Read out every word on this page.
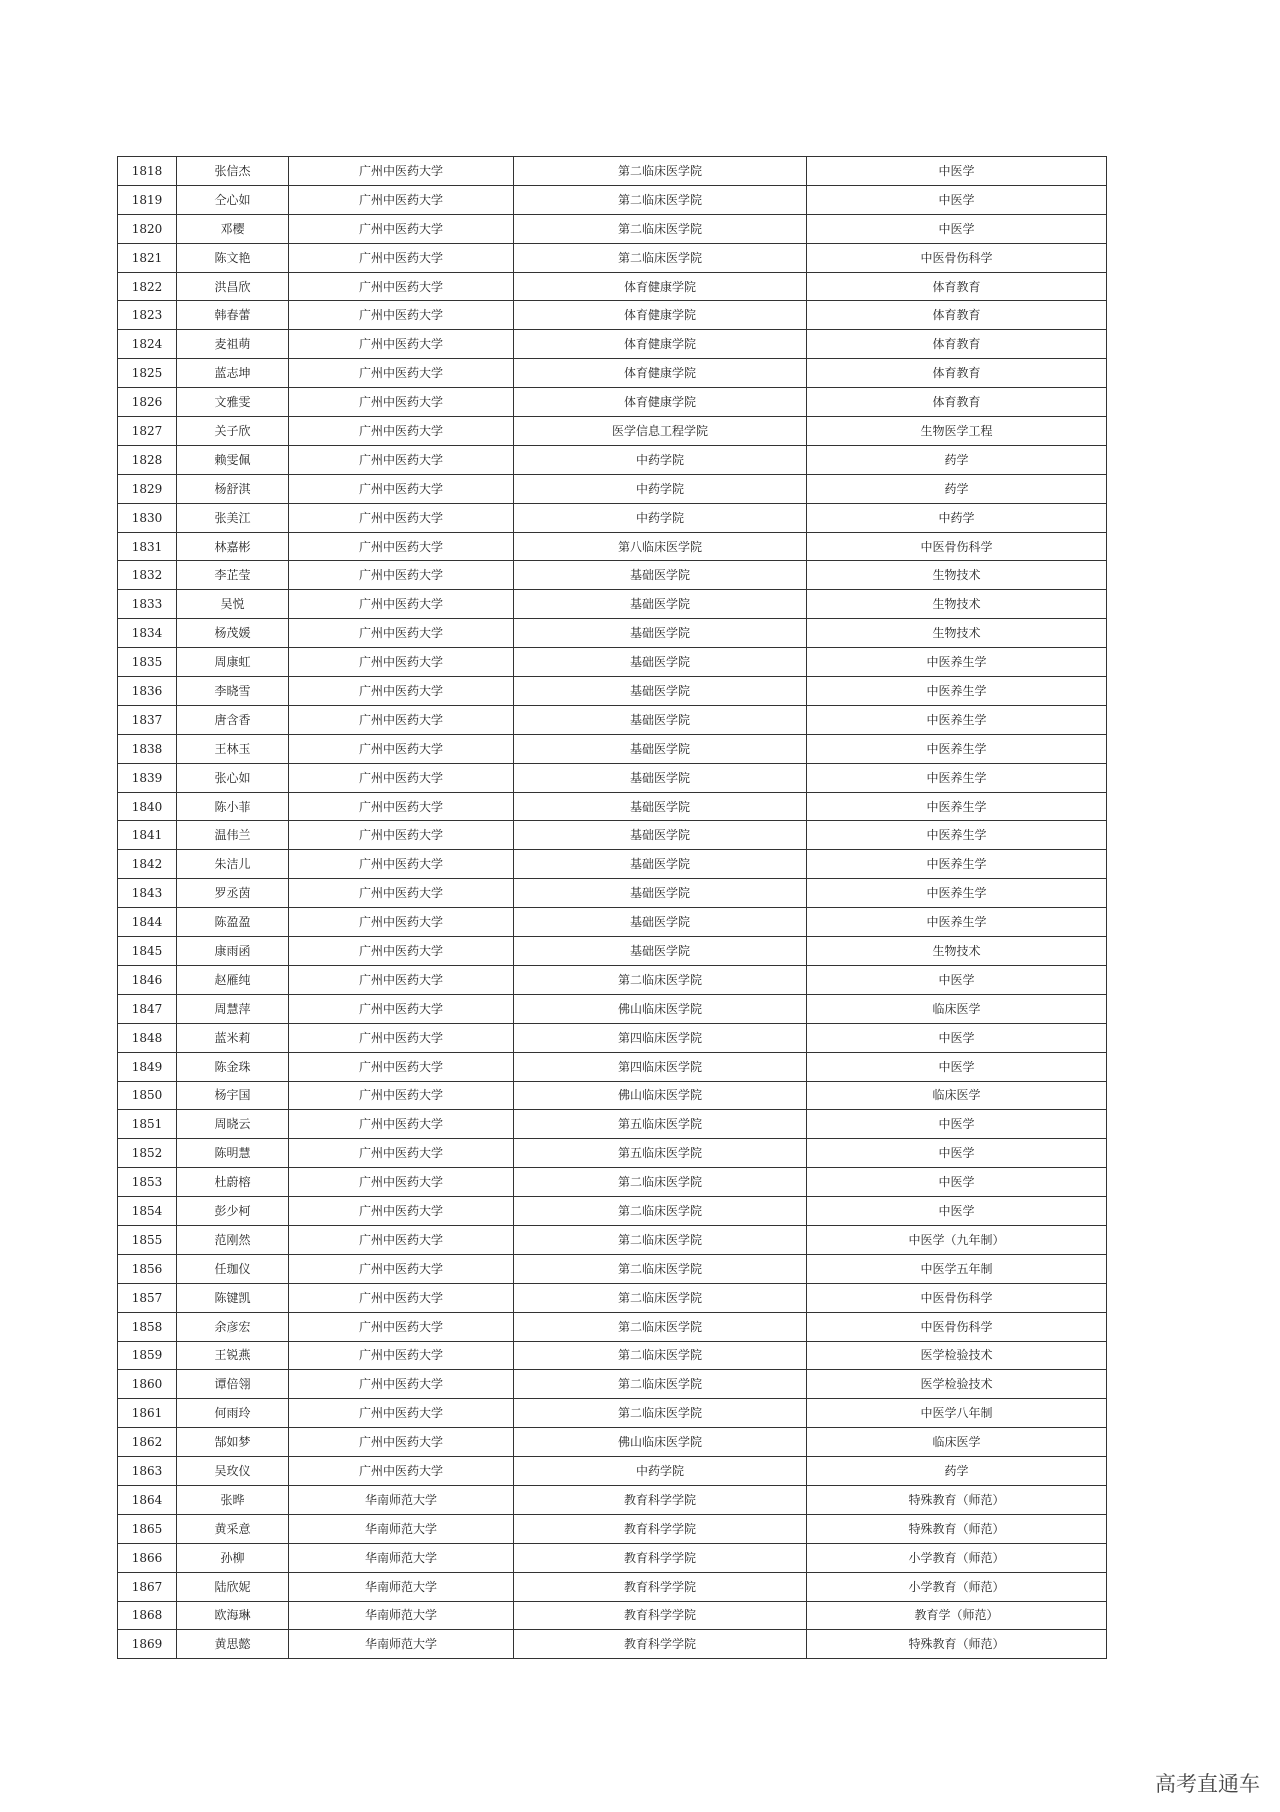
1818	张信杰	广州中医药大学	第二临床医学院	中医学
1819	仝心如	广州中医药大学	第二临床医学院	中医学
1820	邓樱	广州中医药大学	第二临床医学院	中医学
1821	陈文艳	广州中医药大学	第二临床医学院	中医骨伤科学
1822	洪昌欣	广州中医药大学	体育健康学院	体育教育
1823	韩春蕾	广州中医药大学	体育健康学院	体育教育
1824	麦祖萌	广州中医药大学	体育健康学院	体育教育
1825	蓝志坤	广州中医药大学	体育健康学院	体育教育
1826	文雅雯	广州中医药大学	体育健康学院	体育教育
1827	关子欣	广州中医药大学	医学信息工程学院	生物医学工程
1828	赖雯佩	广州中医药大学	中药学院	药学
1829	杨舒淇	广州中医药大学	中药学院	药学
1830	张美江	广州中医药大学	中药学院	中药学
1831	林嘉彬	广州中医药大学	第八临床医学院	中医骨伤科学
1832	李芷莹	广州中医药大学	基础医学院	生物技术
1833	吴悦	广州中医药大学	基础医学院	生物技术
1834	杨茂媛	广州中医药大学	基础医学院	生物技术
1835	周康虹	广州中医药大学	基础医学院	中医养生学
1836	李晓雪	广州中医药大学	基础医学院	中医养生学
1837	唐含香	广州中医药大学	基础医学院	中医养生学
1838	王林玉	广州中医药大学	基础医学院	中医养生学
1839	张心如	广州中医药大学	基础医学院	中医养生学
1840	陈小菲	广州中医药大学	基础医学院	中医养生学
1841	温伟兰	广州中医药大学	基础医学院	中医养生学
1842	朱洁儿	广州中医药大学	基础医学院	中医养生学
1843	罗丞茵	广州中医药大学	基础医学院	中医养生学
1844	陈盈盈	广州中医药大学	基础医学院	中医养生学
1845	康雨函	广州中医药大学	基础医学院	生物技术
1846	赵雁纯	广州中医药大学	第二临床医学院	中医学
1847	周慧萍	广州中医药大学	佛山临床医学院	临床医学
1848	蓝米莉	广州中医药大学	第四临床医学院	中医学
1849	陈金珠	广州中医药大学	第四临床医学院	中医学
1850	杨宇国	广州中医药大学	佛山临床医学院	临床医学
1851	周晓云	广州中医药大学	第五临床医学院	中医学
1852	陈明慧	广州中医药大学	第五临床医学院	中医学
1853	杜蔚榕	广州中医药大学	第二临床医学院	中医学
1854	彭少柯	广州中医药大学	第二临床医学院	中医学
1855	范刚然	广州中医药大学	第二临床医学院	中医学（九年制）
1856	任珈仪	广州中医药大学	第二临床医学院	中医学五年制
1857	陈键凯	广州中医药大学	第二临床医学院	中医骨伤科学
1858	余彦宏	广州中医药大学	第二临床医学院	中医骨伤科学
1859	王锐燕	广州中医药大学	第二临床医学院	医学检验技术
1860	谭倍翎	广州中医药大学	第二临床医学院	医学检验技术
1861	何雨玲	广州中医药大学	第二临床医学院	中医学八年制
1862	郜如梦	广州中医药大学	佛山临床医学院	临床医学
1863	吴玫仪	广州中医药大学	中药学院	药学
1864	张晔	华南师范大学	教育科学学院	特殊教育（师范）
1865	黄采意	华南师范大学	教育科学学院	特殊教育（师范）
1866	孙柳	华南师范大学	教育科学学院	小学教育（师范）
1867	陆欣妮	华南师范大学	教育科学学院	小学教育（师范）
1868	欧海琳	华南师范大学	教育科学学院	教育学（师范）
1869	黄思懿	华南师范大学	教育科学学院	特殊教育（师范）
高考直通车
